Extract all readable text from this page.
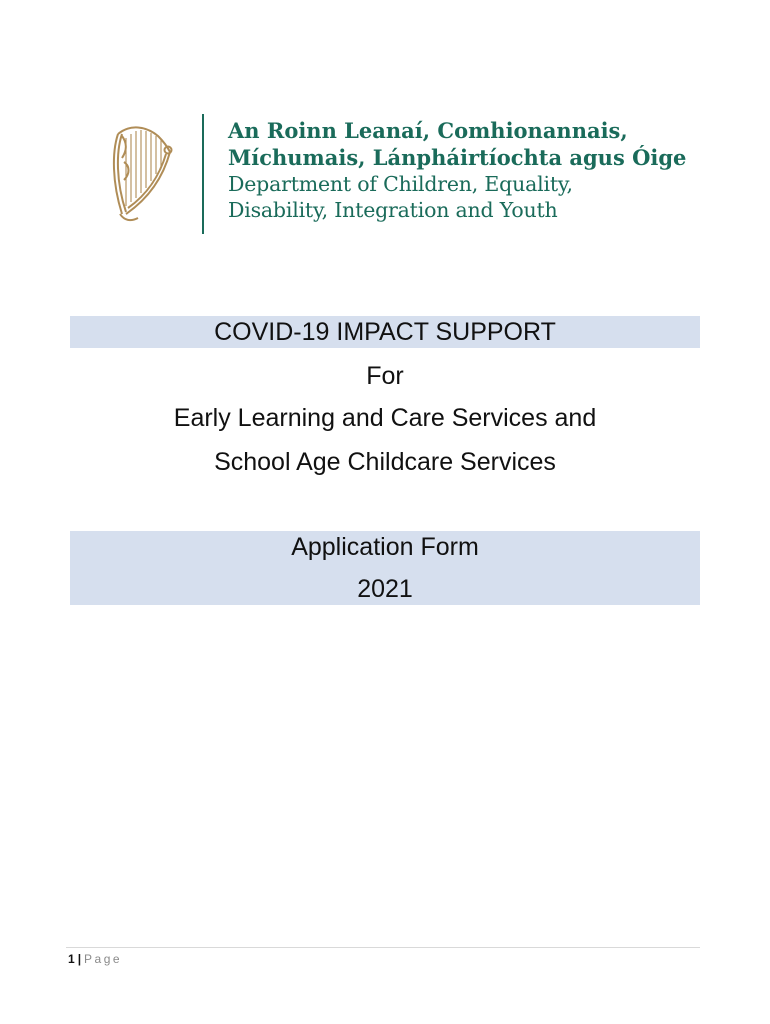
An Roinn Leanaí, Comhionannais,
Míchumais, Lánpháirtíochta agus Óige
Department of Children, Equality,
Disability, Integration and Youth
COVID-19 IMPACT SUPPORT
For
Early Learning and Care Services and
School Age Childcare Services
Application Form
2021
1 | Page
